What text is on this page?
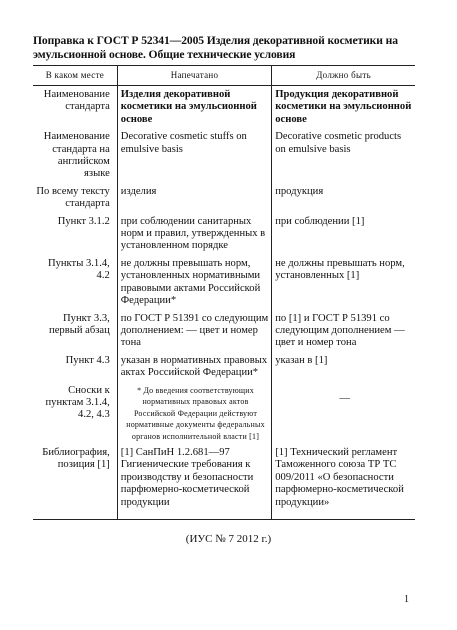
Поправка к ГОСТ Р 52341—2005 Изделия декоративной косметики на эмульсионной основе. Общие технические условия
В каком месте	Напечатано	Должно быть
Наименование стандарта	Изделия декоративной косметики на эмульсионной основе	Продукция декоративной косметики на эмульсионной основе
Наименование стандарта на английском языке	Decorative cosmetic stuffs on emulsive basis	Decorative cosmetic products on emulsive basis
По всему тексту стандарта	изделия	продукция
Пункт 3.1.2	при соблюдении санитарных норм и правил, утвержденных в установленном порядке	при соблюдении [1]
Пункты 3.1.4, 4.2	не должны превышать норм, установленных нормативными правовыми актами Российской Федерации*	не должны превышать норм, установленных [1]
Пункт 3.3, первый абзац	по ГОСТ Р 51391 со следующим дополнением: — цвет и номер тона	по [1] и ГОСТ Р 51391 со следующим дополнением — цвет и номер тона
Пункт 4.3	указан в нормативных правовых актах Российской Федерации*	указан в [1]
Сноски к пунктам 3.1.4, 4.2, 4.3	* До введения соответствующих нормативных правовых актов Российской Федерации действуют нормативные документы федеральных органов исполнительной власти [1]	—

Библиография, позиция [1]	[1] СанПиН 1.2.681—97 Гигиенические требования к производству и безопасности парфюмерно-косметической продукции	[1] Технический регламент Таможенного союза ТР ТС 009/2011 «О безопасности парфюмерно-косметической продукции»
(ИУС № 7 2012 г.)
1
